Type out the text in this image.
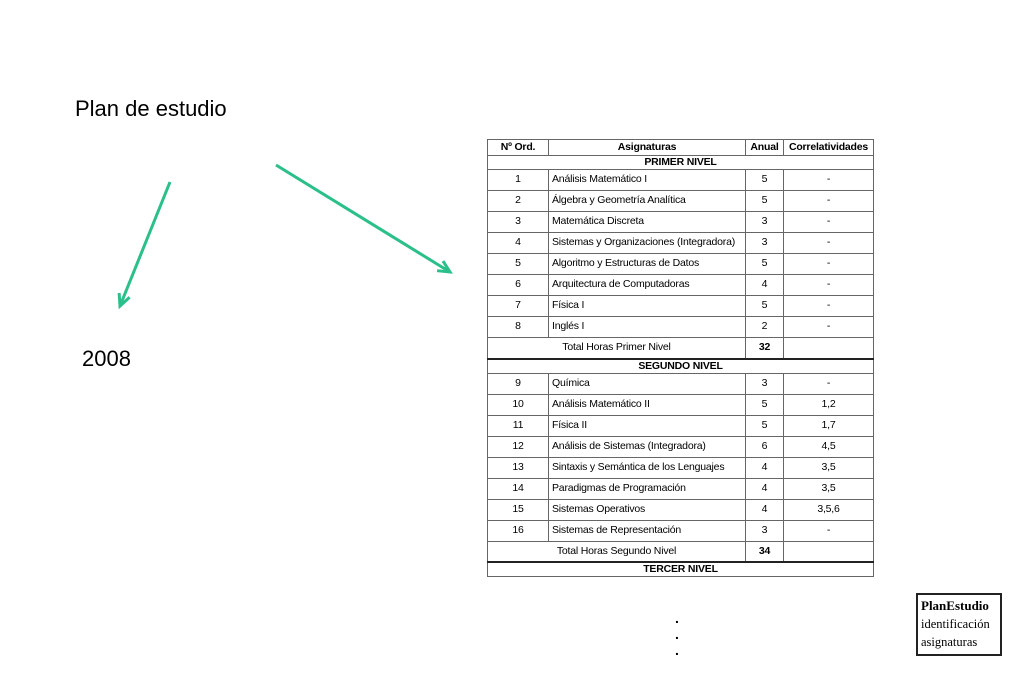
Plan de estudio
2008
Nº Ord.	Asignaturas	Anual	Correlatividades
PRIMER NIVEL			
1	Análisis Matemático I	5	-
2	Álgebra y Geometría Analítica	5	-
3	Matemática Discreta	3	-
4	Sistemas y Organizaciones (Integradora)	3	-
5	Algoritmo y Estructuras de Datos	5	-
6	Arquitectura de Computadoras	4	-
7	Física I	5	-
8	Inglés I	2	-
Total Horas Primer Nivel		32	
SEGUNDO NIVEL			
9	Química	3	-
10	Análisis Matemático II	5	1,2
11	Física II	5	1,7
12	Análisis de Sistemas (Integradora)	6	4,5
13	Sintaxis y Semántica de los Lenguajes	4	3,5
14	Paradigmas de Programación	4	3,5
15	Sistemas Operativos	4	3,5,6
16	Sistemas de Representación	3	-
Total Horas Segundo Nivel		34	
TERCER NIVEL			
.
.
.
PlanEstudio
identificación
asignaturas
